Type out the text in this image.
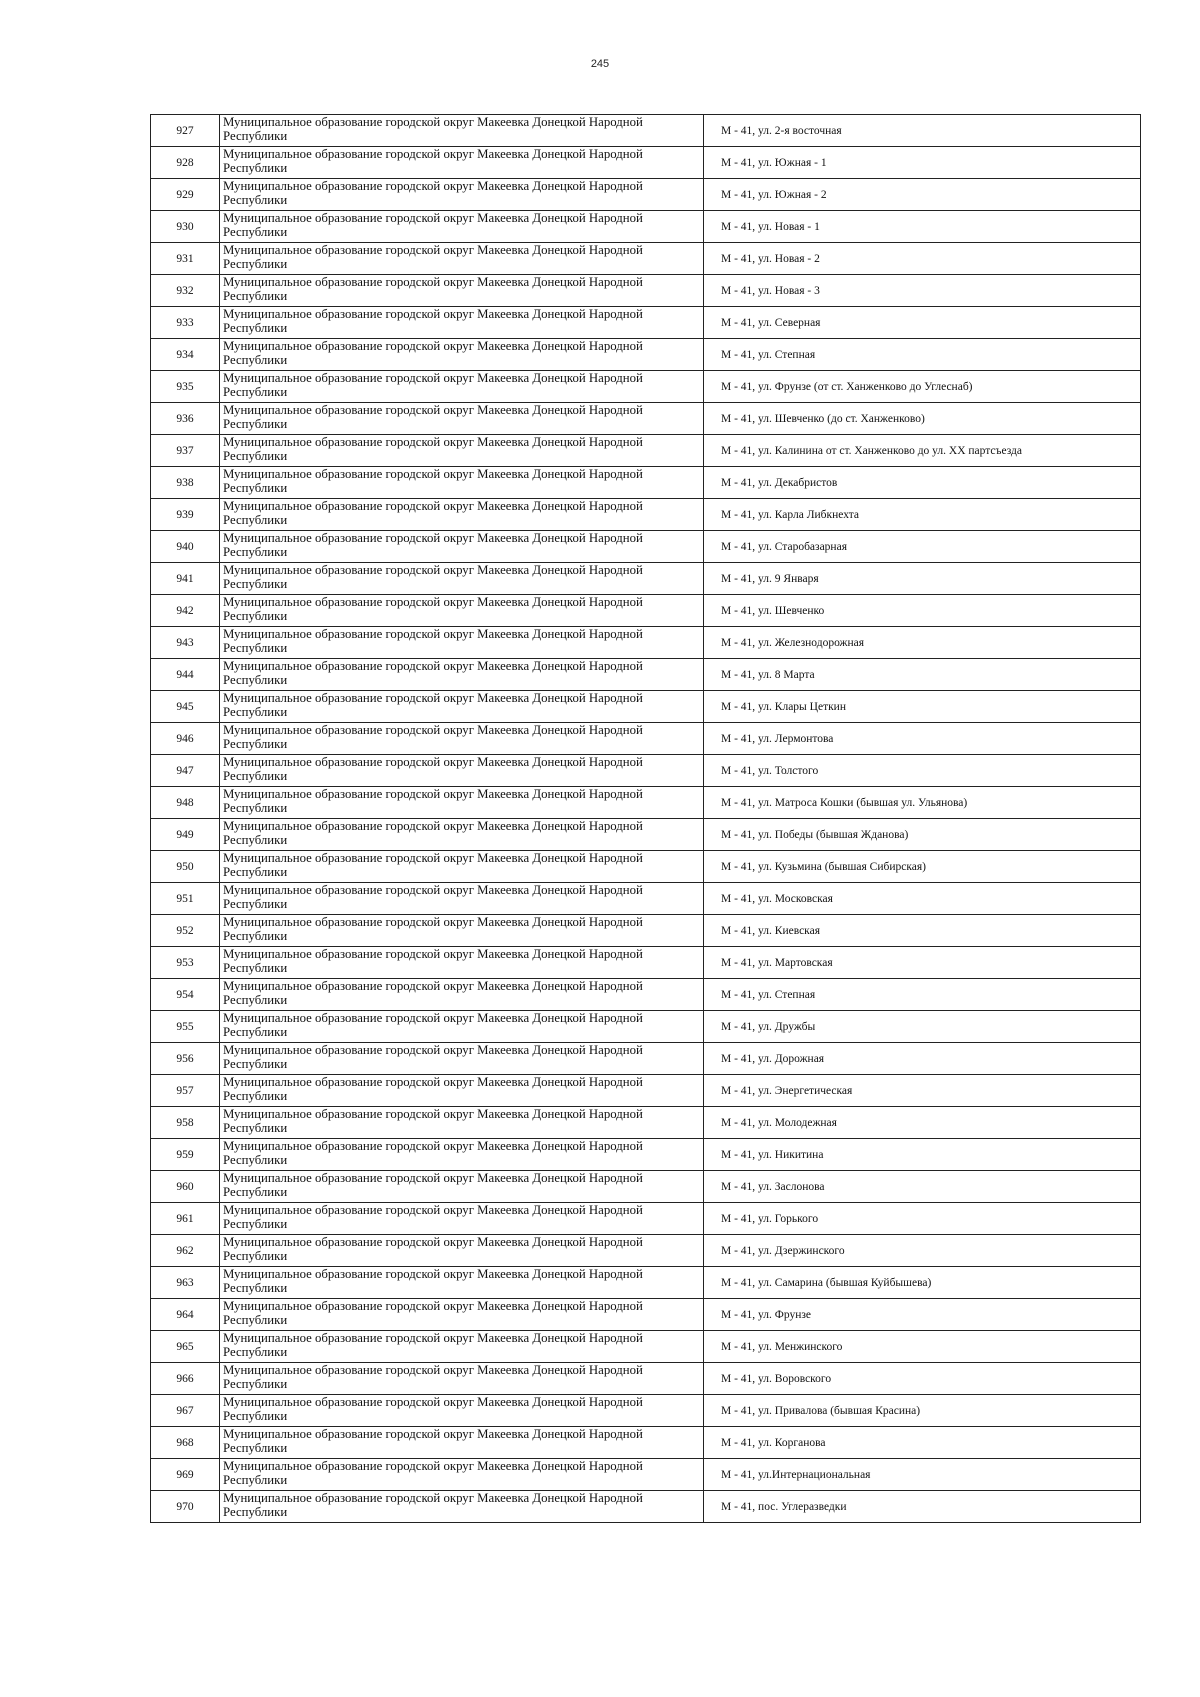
245
927	Муниципальное образование городской округ Макеевка Донецкой Народной Республики	М - 41, ул. 2-я восточная
928	Муниципальное образование городской округ Макеевка Донецкой Народной Республики	М - 41, ул. Южная - 1
929	Муниципальное образование городской округ Макеевка Донецкой Народной Республики	М - 41, ул. Южная - 2
930	Муниципальное образование городской округ Макеевка Донецкой Народной Республики	М - 41, ул. Новая - 1
931	Муниципальное образование городской округ Макеевка Донецкой Народной Республики	М - 41, ул. Новая - 2
932	Муниципальное образование городской округ Макеевка Донецкой Народной Республики	М - 41, ул. Новая - 3
933	Муниципальное образование городской округ Макеевка Донецкой Народной Республики	М - 41, ул. Северная
934	Муниципальное образование городской округ Макеевка Донецкой Народной Республики	М - 41, ул. Степная
935	Муниципальное образование городской округ Макеевка Донецкой Народной Республики	М - 41, ул. Фрунзе (от ст. Ханженково до Углеснаб)
936	Муниципальное образование городской округ Макеевка Донецкой Народной Республики	М - 41, ул. Шевченко (до ст. Ханженково)
937	Муниципальное образование городской округ Макеевка Донецкой Народной Республики	М - 41, ул. Калинина от ст. Ханженково до ул. ХХ партсъезда
938	Муниципальное образование городской округ Макеевка Донецкой Народной Республики	М - 41, ул. Декабристов
939	Муниципальное образование городской округ Макеевка Донецкой Народной Республики	М - 41, ул. Карла Либкнехта
940	Муниципальное образование городской округ Макеевка Донецкой Народной Республики	М - 41, ул. Старобазарная
941	Муниципальное образование городской округ Макеевка Донецкой Народной Республики	М - 41, ул. 9 Января
942	Муниципальное образование городской округ Макеевка Донецкой Народной Республики	М - 41, ул. Шевченко
943	Муниципальное образование городской округ Макеевка Донецкой Народной Республики	М - 41, ул. Железнодорожная
944	Муниципальное образование городской округ Макеевка Донецкой Народной Республики	М - 41, ул. 8 Марта
945	Муниципальное образование городской округ Макеевка Донецкой Народной Республики	М - 41, ул. Клары Цеткин
946	Муниципальное образование городской округ Макеевка Донецкой Народной Республики	М - 41, ул. Лермонтова
947	Муниципальное образование городской округ Макеевка Донецкой Народной Республики	М - 41, ул. Толстого
948	Муниципальное образование городской округ Макеевка Донецкой Народной Республики	М - 41, ул. Матроса Кошки (бывшая ул. Ульянова)
949	Муниципальное образование городской округ Макеевка Донецкой Народной Республики	М - 41, ул. Победы (бывшая Жданова)
950	Муниципальное образование городской округ Макеевка Донецкой Народной Республики	М - 41, ул. Кузьмина (бывшая Сибирская)
951	Муниципальное образование городской округ Макеевка Донецкой Народной Республики	М - 41, ул. Московская
952	Муниципальное образование городской округ Макеевка Донецкой Народной Республики	М - 41, ул. Киевская
953	Муниципальное образование городской округ Макеевка Донецкой Народной Республики	М - 41, ул. Мартовская
954	Муниципальное образование городской округ Макеевка Донецкой Народной Республики	М - 41, ул. Степная
955	Муниципальное образование городской округ Макеевка Донецкой Народной Республики	М - 41, ул. Дружбы
956	Муниципальное образование городской округ Макеевка Донецкой Народной Республики	М - 41, ул. Дорожная
957	Муниципальное образование городской округ Макеевка Донецкой Народной Республики	М - 41, ул. Энергетическая
958	Муниципальное образование городской округ Макеевка Донецкой Народной Республики	М - 41, ул. Молодежная
959	Муниципальное образование городской округ Макеевка Донецкой Народной Республики	М - 41, ул. Никитина
960	Муниципальное образование городской округ Макеевка Донецкой Народной Республики	М - 41, ул. Заслонова
961	Муниципальное образование городской округ Макеевка Донецкой Народной Республики	М - 41, ул. Горького
962	Муниципальное образование городской округ Макеевка Донецкой Народной Республики	М - 41, ул. Дзержинского
963	Муниципальное образование городской округ Макеевка Донецкой Народной Республики	М - 41, ул. Самарина (бывшая Куйбышева)
964	Муниципальное образование городской округ Макеевка Донецкой Народной Республики	М - 41, ул. Фрунзе
965	Муниципальное образование городской округ Макеевка Донецкой Народной Республики	М - 41, ул. Менжинского
966	Муниципальное образование городской округ Макеевка Донецкой Народной Республики	М - 41, ул. Воровского
967	Муниципальное образование городской округ Макеевка Донецкой Народной Республики	М - 41, ул. Привалова (бывшая Красина)
968	Муниципальное образование городской округ Макеевка Донецкой Народной Республики	М - 41, ул. Корганова
969	Муниципальное образование городской округ Макеевка Донецкой Народной Республики	М - 41, ул.Интернациональная
970	Муниципальное образование городской округ Макеевка Донецкой Народной Республики	М - 41, пос. Углеразведки
